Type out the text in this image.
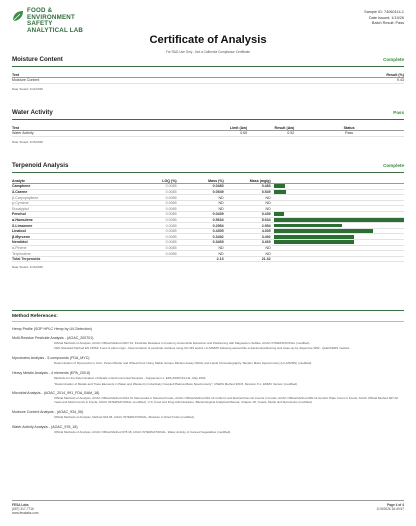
FOOD &
ENVIRONMENT
SAFETY
ANALYTICAL LAB
Sample ID: 74060114-1
Date Issued: 1/19/26
Batch Result: Pass
Certificate of Analysis
For R&D Use Only - Not a California Compliance Certificate
Moisture Content	Complete
Test	Result (%)
Moisture Content	9.43
Date Tested: 1/14/2026
Water Activity	Pass
Test	Limit (Aw)	Result (Aw)	Status
Water Activity	0.65	0.52	Pass
Date Tested: 1/15/2026
Terpenoid Analysis	Complete
Analyte	LOQ (%)	Mass (%)	Mass (mg/g)	
Camphene	0.0085	0.0483	0.483	

3-Carene	0.0085	0.0549	0.549	

β-Caryophyllene	0.0085	ND	ND	

p-Cymene	0.0085	ND	ND	

Eucalyptol	0.0085	ND	ND	

Fenchol	0.0085	0.0439	0.439	

α-Humulene	0.0085	0.5634	5.634	

δ-Limonene	0.0085	0.2954	2.954	

Linalool	0.0085	0.4305	4.305	

β-Myrcene	0.0085	0.3492	3.492	

Nerolidol	0.0085	0.3469	3.469	

α-Pinene	0.0085	ND	ND	

Terpinolene	0.0085	ND	ND	

Total Terpenoids		2.13	21.32	
Date Tested: 1/16/2026
Method References:
Hemp Profile (SOP HPLC Hemp by UV-Detection)
Multi-Residue Pesticide Analysis - (AOAC_200701)
Official Methods of Analysis, AOAC Official Method 2007.01, Pesticide Residues in Foods by Acetonitrile Extraction and Partitioning with Magnesium Sulfate, AOAC INTERNATIONAL (modified).
CEN Standard Method EN 15662: Food of plant origin - Determination of pesticide residues using GC-MS and/or LC-MS/MS following acetonitrile extraction/partitioning and clean-up by dispersive SPE - QuEChERS method.
Mycotoxins Analysis - 5 compounds (FDA_MYC)
Determination of Mycotoxins in Corn, Peanut Butter and Wheat Flour Using Stable Isotope Dilution Assay (SIDA) and Liquid Chromatography-Tandem Mass Spectrometry (LC-MS/MS) (modified).
Heavy Metals Analysis - 4 elements (EPA_200.8)
Methods for the Determination of Metals in Environmental Samples - Supplement 1, EPA-600/R-94-111, May 1994.
"Determination of Metals and Trace Elements in Water and Wastes by Inductively Coupled Plasma-Mass Spectrometry", USEPA Method 200.8, Revision 5.1, EMMC Version (modified).
Microbial Analysis - (AOAC_2014_991_FDA_BAM_18)
Official Methods of Analysis, AOAC Official Method 2014.01 Salmonella in Selected Foods, AOAC Official Method 991.14 Coliform and Escherichia coli Counts in Foods, AOAC Official Method 990.12 Aerobic Plate Count in Foods, AOAC Official Method 997.02 Yeast and Mold Counts in Foods, AOAC INTERNATIONAL (modified), U.S. Food and Drug Administration, Bacteriological Analytical Manual, Chapter 18, Yeasts, Molds and Mycotoxins (modified).
Moisture Content Analysis - (AOAC_934_06)
Official Methods of Analysis, Method 934.06, AOAC INTERNATIONAL, Moisture in Dried Fruits (modified).
Water Activity Analysis - (AOAC_978_18)
Official Methods of Analysis, AOAC Official Method 978.18, AOAC INTERNATIONAL, Water Activity of Canned Vegetables (modified).
FESA Labs
(657) 317-7716
www.fesalabs.com
Page 4 of 4
1/19/2026 16:40:57
